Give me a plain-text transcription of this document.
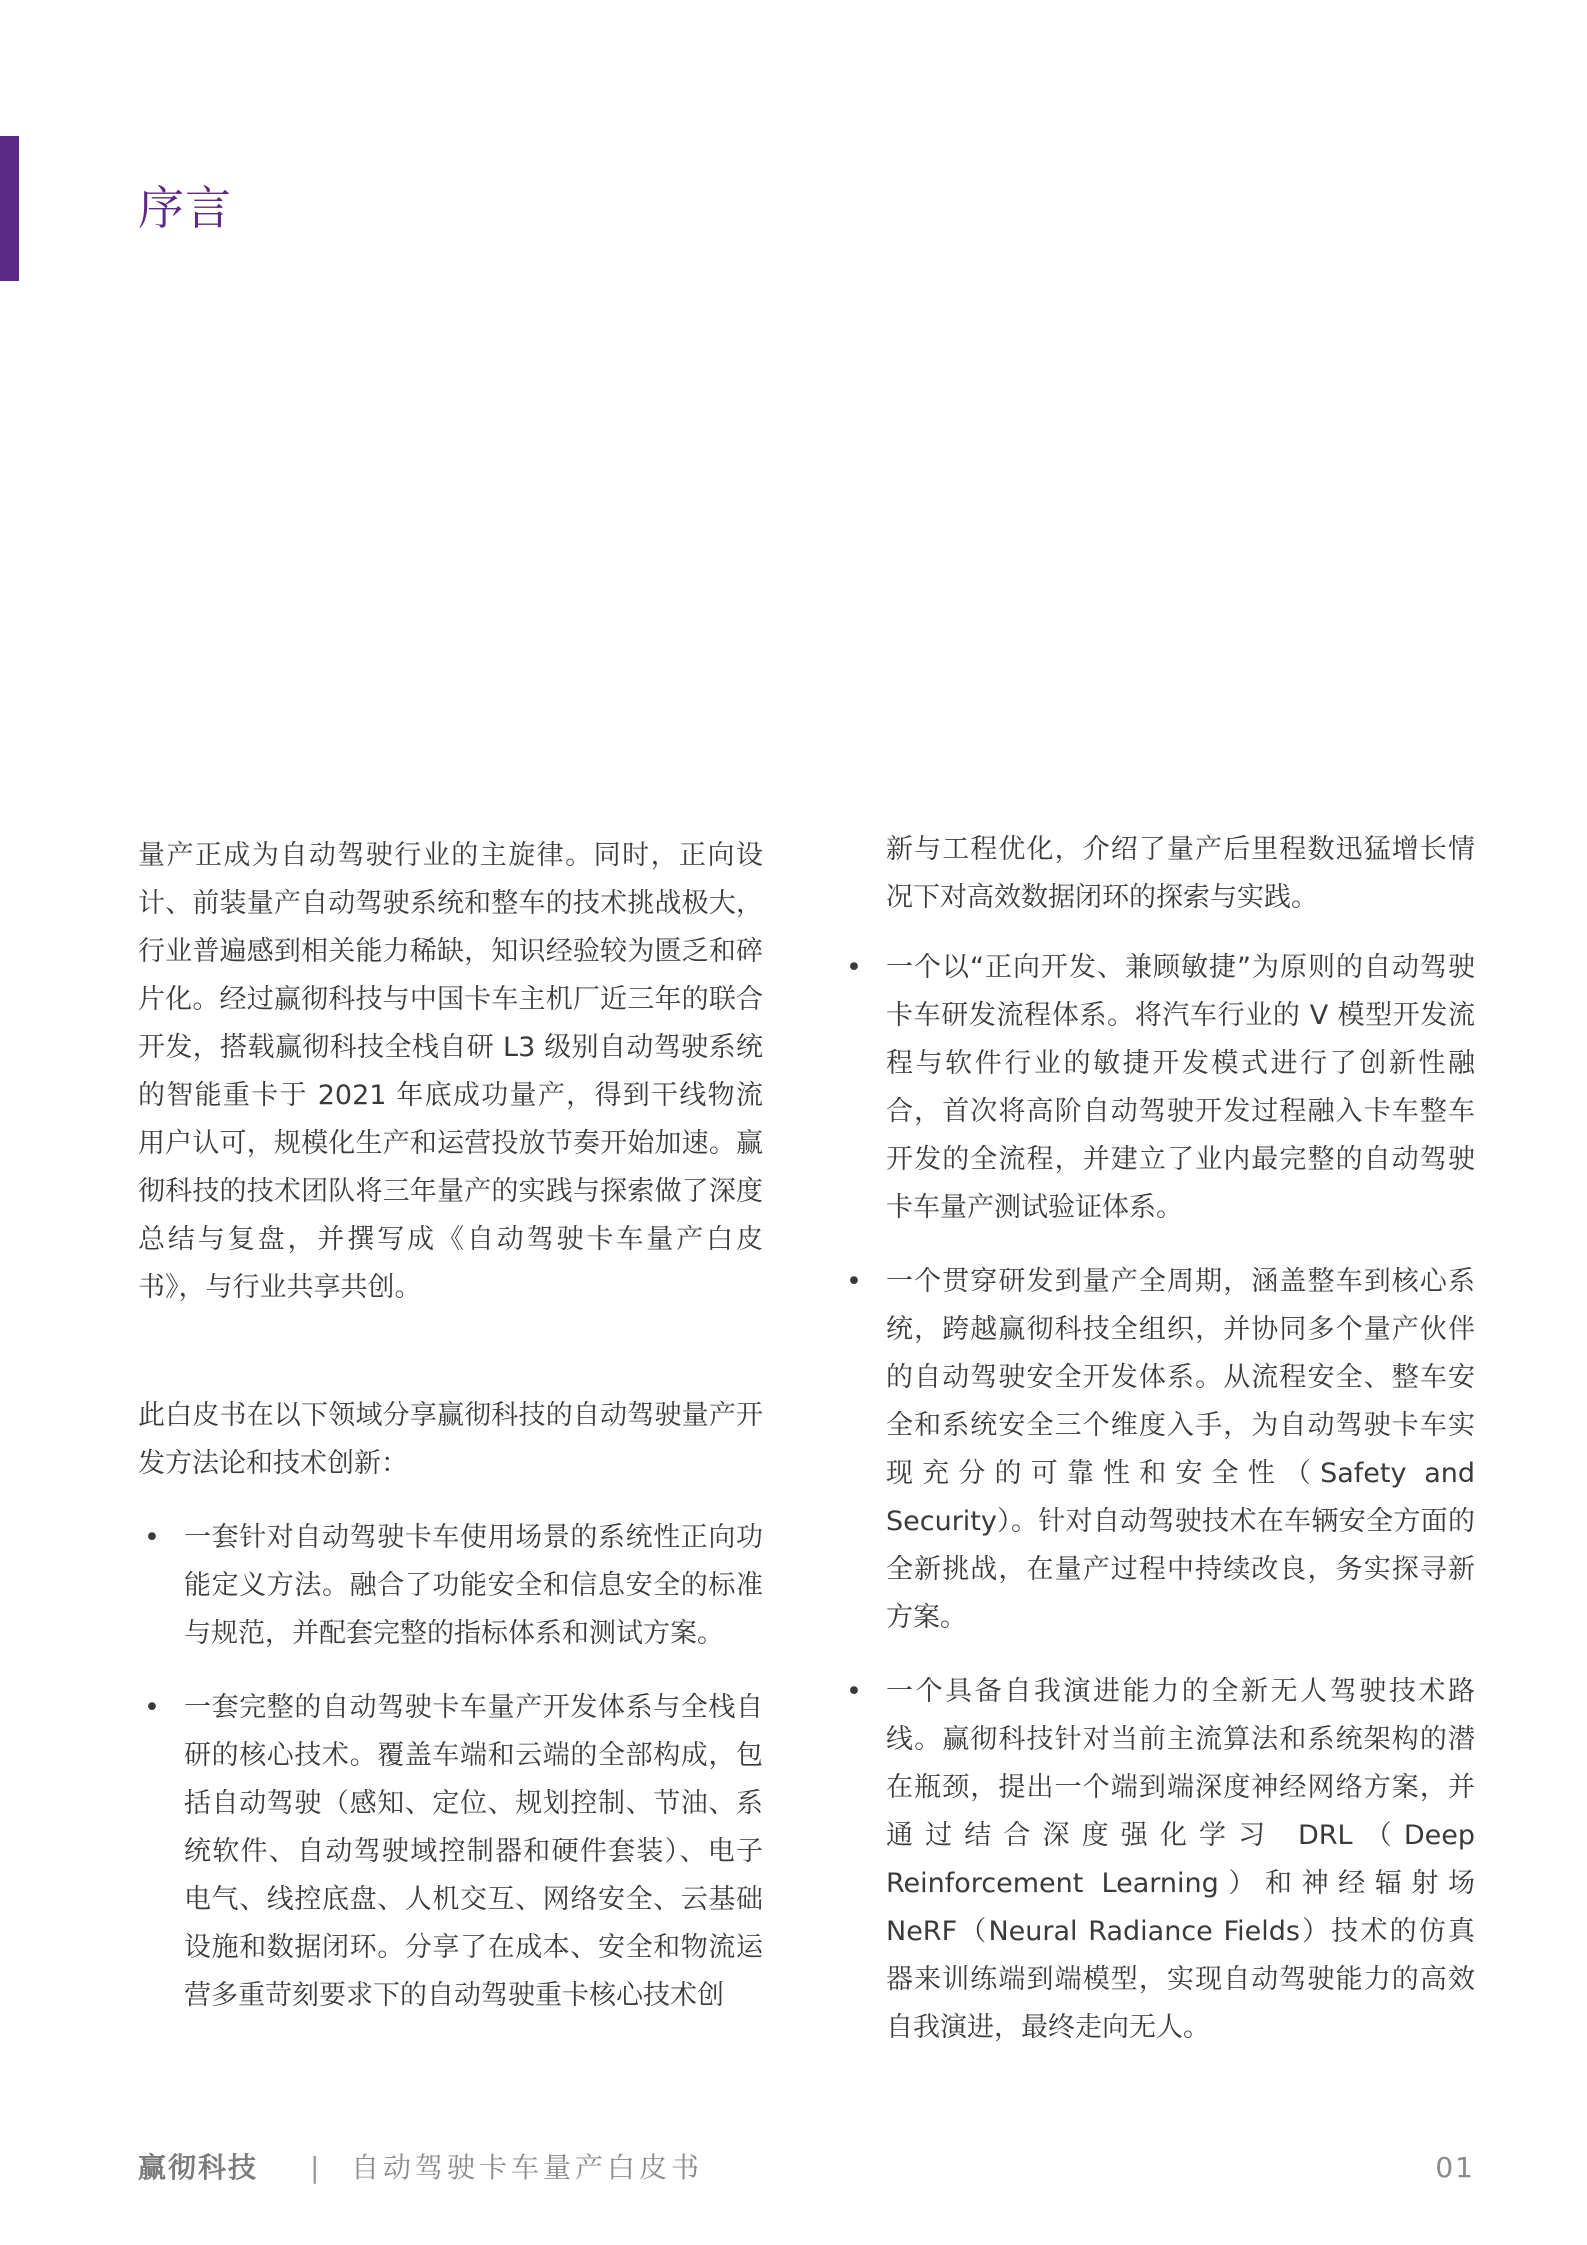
序言

量产正成为自动驾驶行业的主旋律。同时，正向设计、前装量产自动驾驶系统和整车的技术挑战极大，行业普遍感到相关能力稀缺，知识经验较为匮乏和碎片化。经过赢彻科技与中国卡车主机厂近三年的联合开发，搭载赢彻科技全栈自研 L3 级别自动驾驶系统的智能重卡于 2021 年底成功量产，得到干线物流用户认可，规模化生产和运营投放节奏开始加速。赢彻科技的技术团队将三年量产的实践与探索做了深度总结与复盘，并撰写成《自动驾驶卡车量产白皮书》，与行业共享共创。

此白皮书在以下领域分享赢彻科技的自动驾驶量产开发方法论和技术创新：

• 一套针对自动驾驶卡车使用场景的系统性正向功能定义方法。融合了功能安全和信息安全的标准与规范，并配套完整的指标体系和测试方案。
• 一套完整的自动驾驶卡车量产开发体系与全栈自研的核心技术。覆盖车端和云端的全部构成，包括自动驾驶（感知、定位、规划控制、节油、系统软件、自动驾驶域控制器和硬件套装）、电子电气、线控底盘、人机交互、网络安全、云基础设施和数据闭环。分享了在成本、安全和物流运营多重苛刻要求下的自动驾驶重卡核心技术创

新与工程优化，介绍了量产后里程数迅猛增长情况下对高效数据闭环的探索与实践。

• 一个以“正向开发、兼顾敏捷”为原则的自动驾驶卡车研发流程体系。将汽车行业的 V 模型开发流程与软件行业的敏捷开发模式进行了创新性融合，首次将高阶自动驾驶开发过程融入卡车整车开发的全流程，并建立了业内最完整的自动驾驶卡车量产测试验证体系。
• 一个贯穿研发到量产全周期，涵盖整车到核心系统，跨越赢彻科技全组织，并协同多个量产伙伴的自动驾驶安全开发体系。从流程安全、整车安全和系统安全三个维度入手，为自动驾驶卡车实现充分的可靠性和安全性（Safety and Security）。针对自动驾驶技术在车辆安全方面的全新挑战，在量产过程中持续改良，务实探寻新方案。
• 一个具备自我演进能力的全新无人驾驶技术路线。赢彻科技针对当前主流算法和系统架构的潜在瓶颈，提出一个端到端深度神经网络方案，并通过结合深度强化学习 DRL（Deep Reinforcement Learning）和神经辐射场 NeRF（Neural Radiance Fields）技术的仿真器来训练端到端模型，实现自动驾驶能力的高效自我演进，最终走向无人。
赢彻科技 | 自动驾驶卡车量产白皮书	01
